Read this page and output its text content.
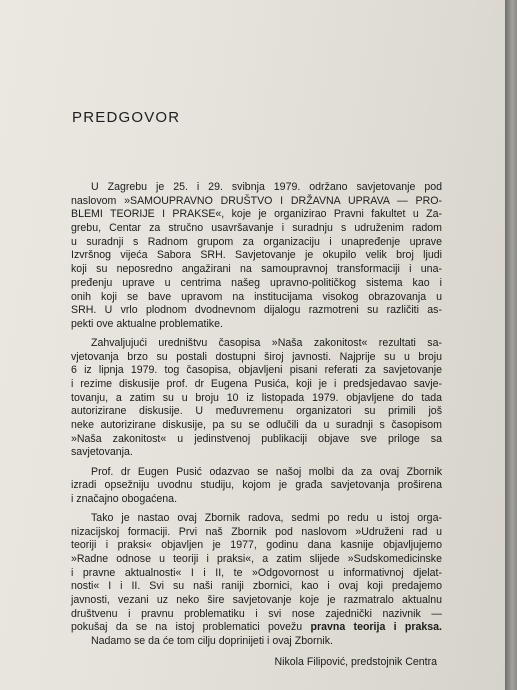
PREDGOVOR
U Zagrebu je 25. i 29. svibnja 1979. održano savjetovanje pod
naslovom »SAMOUPRAVNO DRUŠTVO I DRŽAVNA UPRAVA — PRO-
BLEMI TEORIJE I PRAKSE«, koje je organizirao Pravni fakultet u Za-
grebu, Centar za stručno usavršavanje i suradnju s udruženim radom
u suradnji s Radnom grupom za organizaciju i unapređenje uprave
Izvršnog vijeća Sabora SRH. Savjetovanje je okupilo velik broj ljudi
koji su neposredno angažirani na samoupravnoj transformaciji i una-
pređenju uprave u centrima našeg upravno-političkog sistema kao i
onih koji se bave upravom na institucijama visokog obrazovanja u
SRH. U vrlo plodnom dvodnevnom dijalogu razmotreni su različiti as-
pekti ove aktualne problematike.
Zahvaljujući uredništvu časopisa »Naša zakonitost« rezultati sa-
vjetovanja brzo su postali dostupni široj javnosti. Najprije su u broju
6 iz lipnja 1979. tog časopisa, objavljeni pisani referati za savjetovanje
i rezime diskusije prof. dr Eugena Pusića, koji je i predsjedavao savje-
tovanju, a zatim su u broju 10 iz listopada 1979. objavljene do tada
autorizirane diskusije. U međuvremenu organizatori su primili još
neke autorizirane diskusije, pa su se odlučili da u suradnji s časopisom
»Naša zakonitost« u jedinstvenoj publikaciji objave sve priloge sa
savjetovanja.
Prof. dr Eugen Pusić odazvao se našoj molbi da za ovaj Zbornik
izradi opsežniju uvodnu studiju, kojom je građa savjetovanja proširena
i značajno obogaćena.
Tako je nastao ovaj Zbornik radova, sedmi po redu u istoj orga-
nizacijskoj formaciji. Prvi naš Zbornik pod naslovom »Udruženi rad u
teoriji i praksi« objavljen je 1977, godinu dana kasnije objavljujemo
»Radne odnose u teoriji i praksi«, a zatim slijede »Sudskomedicinske
i pravne aktualnosti« I i II, te »Odgovornost u informativnoj djelat-
nosti« I i II. Svi su naši raniji zbornici, kao i ovaj koji predajemo
javnosti, vezani uz neko šire savjetovanje koje je razmatralo aktualnu
društvenu i pravnu problematiku i svi nose zajednički nazivnik —
pokušaj da se na istoj problematici povežu pravna teorija i praksa.
Nadamo se da će tom cilju doprinijeti i ovaj Zbornik.
Nikola Filipović, predstojnik Centra
